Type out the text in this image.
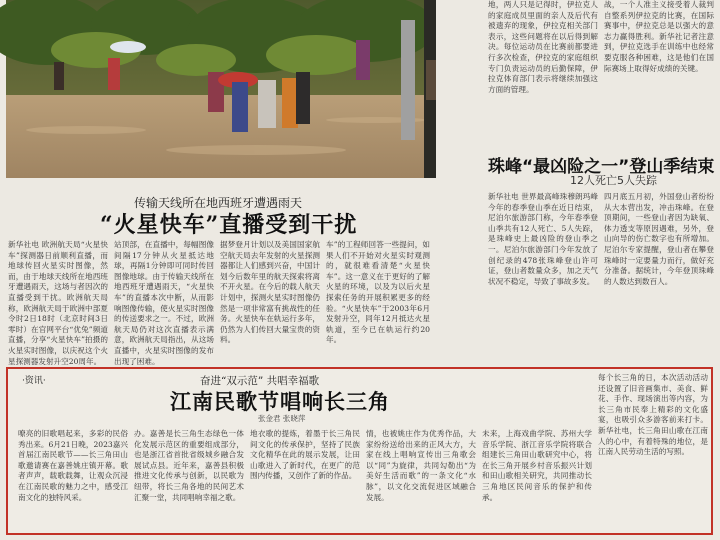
传输天线所在地西班牙遭遇雨天
“火星快车”直播受到干扰
新华社电 欧洲航天局“火星快车”探测器日前顺利直播，而地球传回火星实时图像，然而，由于地球天线所在地西班牙遭遇雨天，这场与者因次的直播受到干扰。欧洲航天局称，欧洲航天局于欧洲中部夏令时2日18时（北京时间3日零时）在官网平台“优兔”频道直播，分享“火星快车”拍摄的火星实时图像，以庆祝这个火星探测器发射升空20周年。
站顶部，在直播中，每幅图像间隔17分钟从火星抵达地球，再隔1分钟即可同时传回图像地球。由于传输天线所在地西班牙遭遇雨天，“火星快车”的直播本次中断，从而影响图像传输，使火星实时图像的传送要求之一。不过，欧洲航天局仍对这次直播表示满意，欧洲航天局指出，从这场直播中，火星实时图像的发布出现了困难。
据梦登月计划以及美国国家航空航天局去年发射的火星探测器都让人们感到兴奋，中国计划今后数年里的航天探索将离不开火星。在今后的载人航天计划中，探测火星实时图像仍然是一项非常富有挑战性的任务。火星快车在轨运行多年，仍然为人们传回大量宝贵的资料。
车”的工程师回答一些提问，如果人们不开始对火星实时观测的，就很难看清楚“火星快车”。这一意义在于更好的了解火星的环境，以及为以后火星探索任务的开展积累更多的经验。“火星快车”于2003年6月发射升空，同年12月抵达火星轨道，至今已在轨运行约20年。
地，两人只是记得时，伊拉克人的家庭成员里面的亲人及后代有被遗弃的现象，伊拉克相关部门表示，这些问题将在以后得到解决。每位运动员在比赛前都要进行多次检查，伊拉克的家庭组织专门负责运动员的后勤保障，伊拉克体育部门表示将继续加强这方面的管理。
战，一个人准主义接受着人裁判自整系列伊拉克的比赛，在国际赛事中，伊拉克总是以强大的意志力赢得胜利。新华社记者注意到，伊拉克选手在训练中也经常要克服各种困难，这是他们在国际赛场上取得好成绩的关键。
珠峰“最凶险之一”登山季结束
12人死亡5人失踪
新华社电 世界最高峰珠穆朗玛峰今年的春季登山季在近日结束，尼泊尔旅游部门称，今年春季登山季共有12人死亡、5人失踪，是珠峰史上最凶险的登山季之一。尼泊尔旅游部门今年发放了创纪录的478张珠峰登山许可证，登山者数量众多，加之天气状况不稳定，导致了事故多发。
四月底五月初，外国登山者纷纷从大本营出发，冲击珠峰。在登顶期间，一些登山者因为缺氧、体力透支等原因遇难，另外，登山向导的伤亡数字也有所增加。尼泊尔专家提醒，登山者在攀登珠峰时一定要量力而行，做好充分准备。据统计，今年登顶珠峰的人数达到数百人。
·资讯·	奋进“双示范” 共唱幸福歌
江南民歌节唱响长三角
张金君 张晓萍
嘹亮的旧歌唱起来，多彩的民俗秀出来。6月21日晚，2023嘉兴首届江南民歌节——长三角田山歌邀请赛在嘉善姚庄镇开幕。歌者声声，载歌载舞，让观众沉浸在江南民歌的魅力之中，感受江南文化的独特风采。
办。嘉善是长三角生态绿色一体化发展示范区的重要组成部分，也是浙江省首批省级城乡融合发展试点县。近年来，嘉善县积极推进文化传承与创新，以民歌为纽带，将长三角各地的民间艺术汇聚一堂，共同唱响幸福之歌。
地衣歌的提炼，着墨于长三角民间文化的传承保护，坚持了民族文化精华在此的展示发展，让田山歌进入了新时代，在更广的范围内传播，又创作了新的作品。
情，也被姚庄作为优秀作品，大家纷纷送给出来的正风大方，大家在线上唱响宣传出三角歌会以“同”为旋律，共同勾勒出“为美好生活而歌”的一条文化“水脉”，以文化交流促进区域融合发展。
未来，上海戏曲学院、苏州大学音乐学院、浙江音乐学院将联合组建长三角田山歌研究中心，将在长三角开展乡村音乐振兴计划和田山歌相关研究，共同推动长三角地区民间音乐的保护和传承。
每个长三角的日，本次活动活动还设置了旧音画集市、美食、鲜花、手作、现场演出等内容，为长三角市民奉上精彩的文化盛宴，也吸引众多游客前来打卡。新华社电，长三角田山歌在江南人的心中，有着特殊的地位，是江南人民劳动生活的写照。
